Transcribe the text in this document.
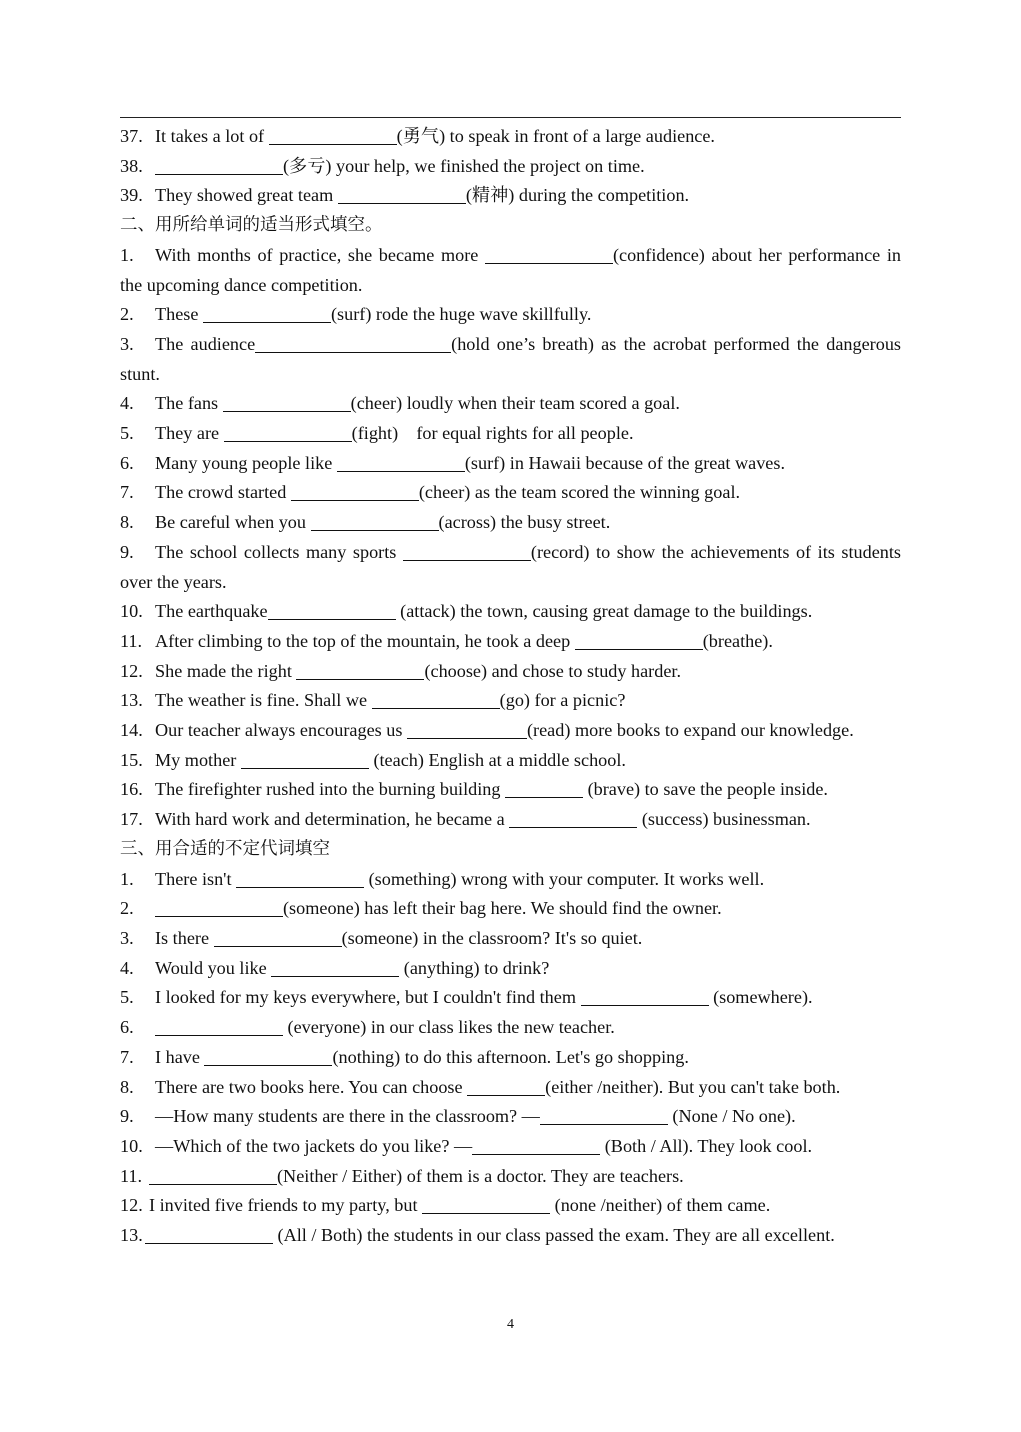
37. It takes a lot of	(勇气) to speak in front of a large audience.
38.	(多亏) your help, we finished the project on time.
39. They showed great team	(精神) during the competition.
二、用所给单词的适当形式填空。
1. With months of practice, she became more	(confidence) about her performance in the upcoming dance competition.
2. These	(surf) rode the huge wave skillfully.
3. The audience	(hold one’s breath) as the acrobat performed the dangerous stunt.
4. The fans	(cheer) loudly when their team scored a goal.
5. They are	(fight)    for equal rights for all people.
6. Many young people like	(surf) in Hawaii because of the great waves.
7. The crowd started	(cheer) as the team scored the winning goal.
8. Be careful when you	(across) the busy street.
9. The school collects many sports	(record) to show the achievements of its students over the years.
10. The earthquake	(attack) the town, causing great damage to the buildings.
11. After climbing to the top of the mountain, he took a deep	(breathe).
12. She made the right	(choose) and chose to study harder.
13. The weather is fine. Shall we	(go) for a picnic?
14. Our teacher always encourages us	(read) more books to expand our knowledge.
15. My mother	(teach) English at a middle school.
16. The firefighter rushed into the burning building	(brave) to save the people inside.
17. With hard work and determination, he became a	(success) businessman.
三、用合适的不定代词填空
1. There isn't	(something) wrong with your computer. It works well.
2.	(someone) has left their bag here. We should find the owner.
3. Is there	(someone) in the classroom? It's so quiet.
4. Would you like	(anything) to drink?
5. I looked for my keys everywhere, but I couldn't find them	(somewhere).
6.	(everyone) in our class likes the new teacher.
7. I have	(nothing) to do this afternoon. Let's go shopping.
8. There are two books here. You can choose	(either /neither). But you can't take both.
9. —How many students are there in the classroom? —	(None / No one).
10. —Which of the two jackets do you like? —	(Both / All). They look cool.
11.	(Neither / Either) of them is a doctor. They are teachers.
12. I invited five friends to my party, but	(none /neither) of them came.
13.	(All / Both) the students in our class passed the exam. They are all excellent.
4
